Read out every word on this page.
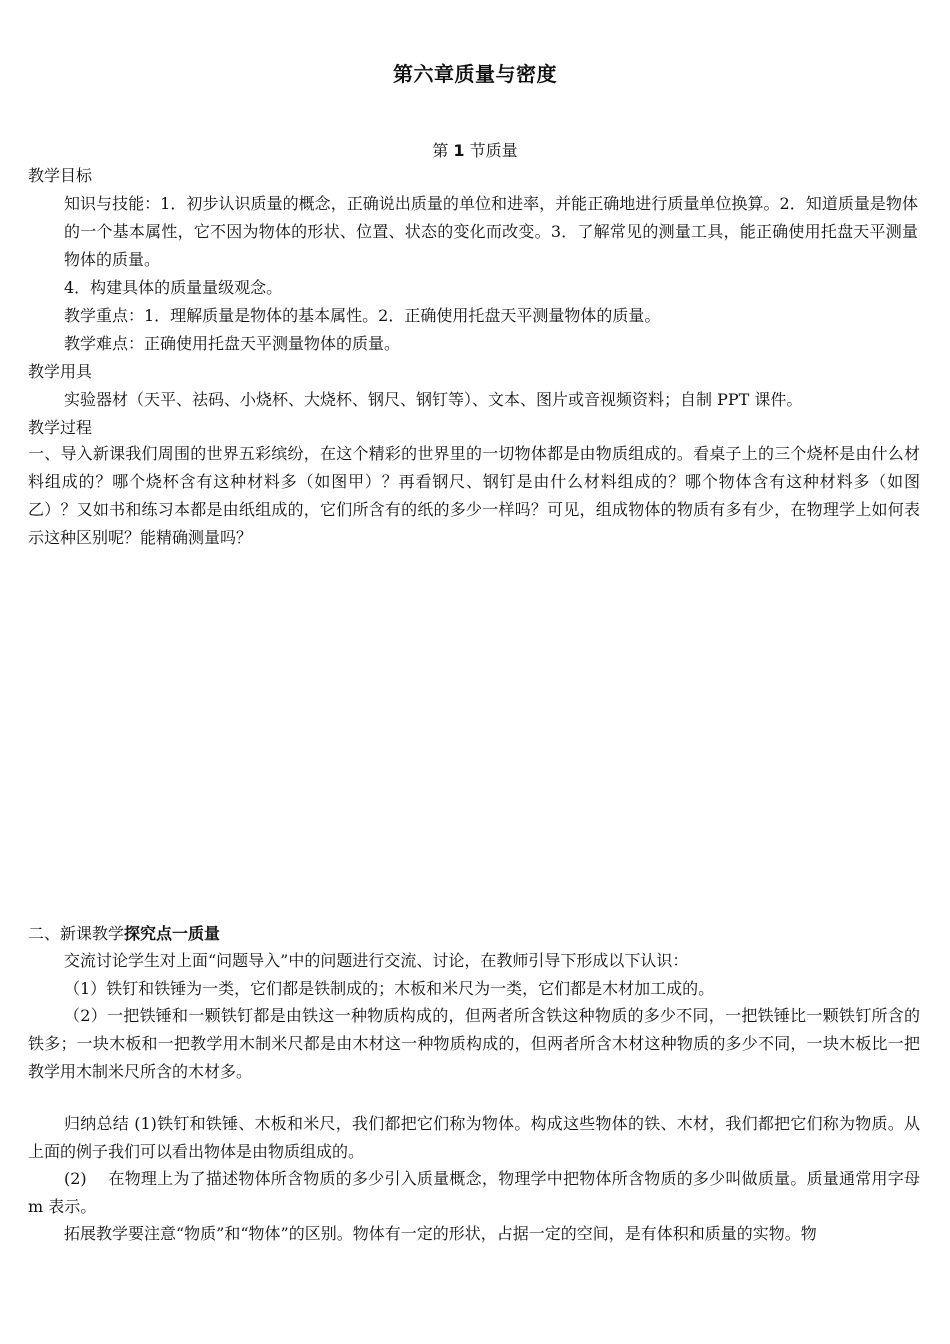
第六章质量与密度
第 1 节质量
教学目标
知识与技能：1．初步认识质量的概念，正确说出质量的单位和进率，并能正确地进行质量单位换算。2．知道质量是物体的一个基本属性，它不因为物体的形状、位置、状态的变化而改变。3．了解常见的测量工具，能正确使用托盘天平测量物体的质量。
4．构建具体的质量量级观念。
教学重点：1．理解质量是物体的基本属性。2．正确使用托盘天平测量物体的质量。
教学难点：正确使用托盘天平测量物体的质量。
教学用具
实验器材（天平、祛码、小烧杯、大烧杯、钢尺、钢钉等）、文本、图片或音视频资料；自制 PPT 课件。
教学过程
一、导入新课我们周围的世界五彩缤纷，在这个精彩的世界里的一切物体都是由物质组成的。看桌子上的三个烧杯是由什么材料组成的？哪个烧杯含有这种材料多（如图甲）？再看钢尺、钢钉是由什么材料组成的？哪个物体含有这种材料多（如图乙）？又如书和练习本都是由纸组成的，它们所含有的纸的多少一样吗？可见，组成物体的物质有多有少，在物理学上如何表示这种区别呢？能精确测量吗？
二、新课教学探究点一质量
交流讨论学生对上面“问题导入”中的问题进行交流、讨论，在教师引导下形成以下认识：
（1）铁钉和铁锤为一类，它们都是铁制成的；木板和米尺为一类，它们都是木材加工成的。
（2）一把铁锤和一颗铁钉都是由铁这一种物质构成的，但两者所含铁这种物质的多少不同，一把铁锤比一颗铁钉所含的铁多；一块木板和一把教学用木制米尺都是由木材这一种物质构成的，但两者所含木材这种物质的多少不同，一块木板比一把教学用木制米尺所含的木材多。
归纳总结 (1)铁钉和铁锤、木板和米尺，我们都把它们称为物体。构成这些物体的铁、木材，我们都把它们称为物质。从上面的例子我们可以看出物体是由物质组成的。
(2)　 在物理上为了描述物体所含物质的多少引入质量概念，物理学中把物体所含物质的多少叫做质量。质量通常用字母 m 表示。
拓展教学要注意“物质”和“物体”的区别。物体有一定的形状，占据一定的空间，是有体积和质量的实物。物
